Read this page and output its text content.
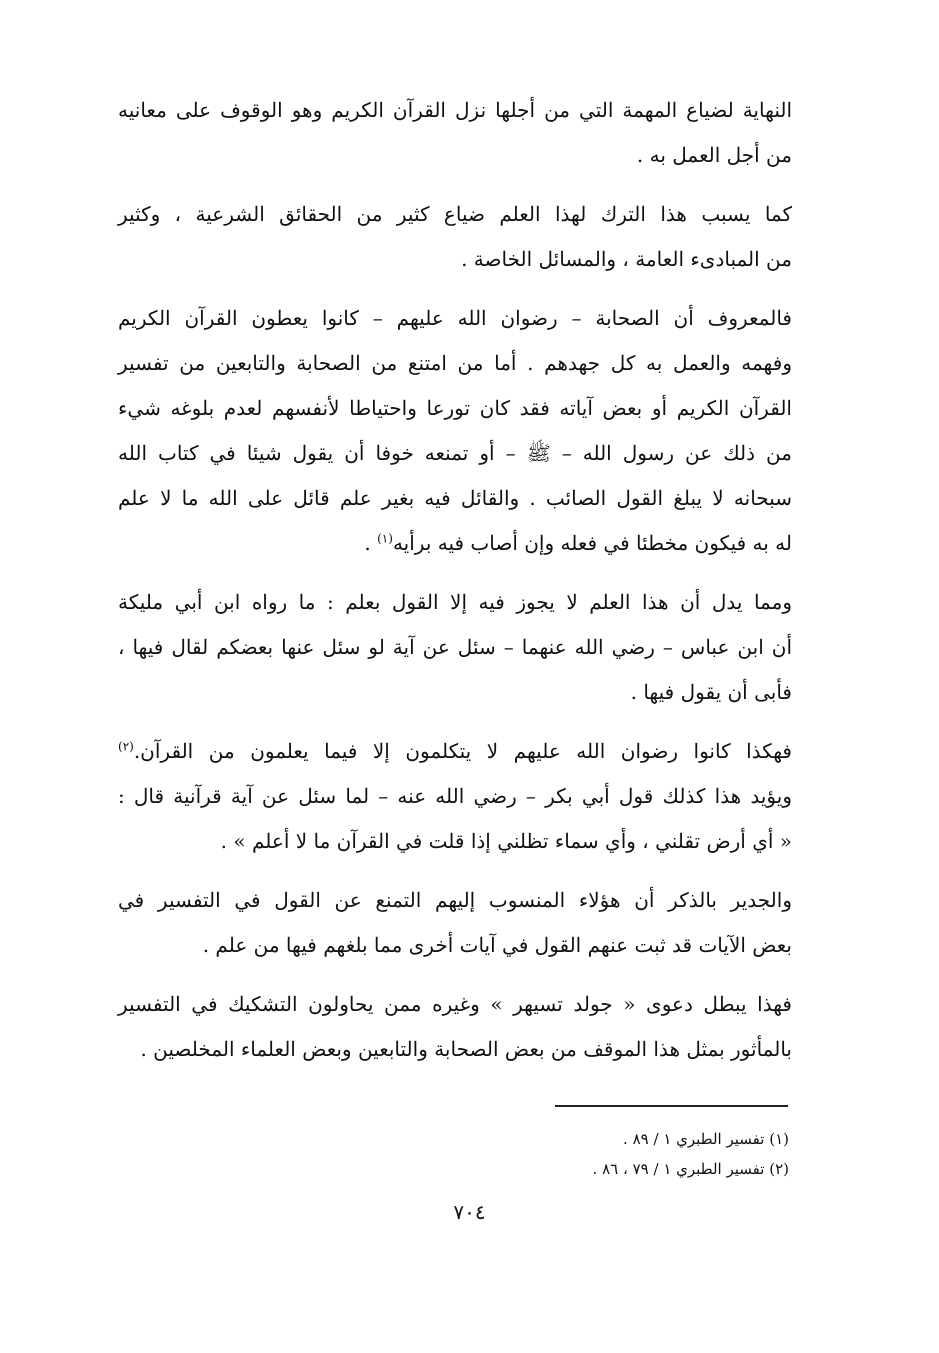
النهاية لضياع المهمة التي من أجلها نزل القرآن الكريم وهو الوقوف على معانيه
من أجل العمل به .
كما يسبب هذا الترك لهذا العلم ضياع كثير من الحقائق الشرعية ، وكثير
من المبادىء العامة ، والمسائل الخاصة .
فالمعروف أن الصحابة – رضوان الله عليهم – كانوا يعطون القرآن الكريم
وفهمه والعمل به كل جهدهم . أما من امتنع من الصحابة والتابعين من تفسير
القرآن الكريم أو بعض آياته فقد كان تورعا واحتياطا لأنفسهم لعدم بلوغه شيء
من ذلك عن رسول الله – ﷺ – أو تمنعه خوفا أن يقول شيئا في كتاب الله
سبحانه لا يبلغ القول الصائب . والقائل فيه بغير علم قائل على الله ما لا علم
له به فيكون مخطئا في فعله وإن أصاب فيه برأيه$^{(١)}$ .
ومما يدل أن هذا العلم لا يجوز فيه إلا القول بعلم : ما رواه ابن أبي مليكة
أن ابن عباس – رضي الله عنهما – سئل عن آية لو سئل عنها بعضكم لقال فيها ،
فأبى أن يقول فيها .
فهكذا كانوا رضوان الله عليهم لا يتكلمون إلا فيما يعلمون من القرآن.$^{(٢)}$
ويؤيد هذا كذلك قول أبي بكر – رضي الله عنه – لما سئل عن آية قرآنية قال :
« أي أرض تقلني ، وأي سماء تظلني إذا قلت في القرآن ما لا أعلم » .
والجدير بالذكر أن هؤلاء المنسوب إليهم التمنع عن القول في التفسير في
بعض الآيات قد ثبت عنهم القول في آيات أخرى مما بلغهم فيها من علم .
فهذا يبطل دعوى « جولد تسيهر » وغيره ممن يحاولون التشكيك في التفسير
بالمأثور بمثل هذا الموقف من بعض الصحابة والتابعين وبعض العلماء المخلصين .
(١) تفسير الطبري ١ / ٨٩ .
(٢) تفسير الطبري ١ / ٧٩ ، ٨٦ .
٧٠٤
